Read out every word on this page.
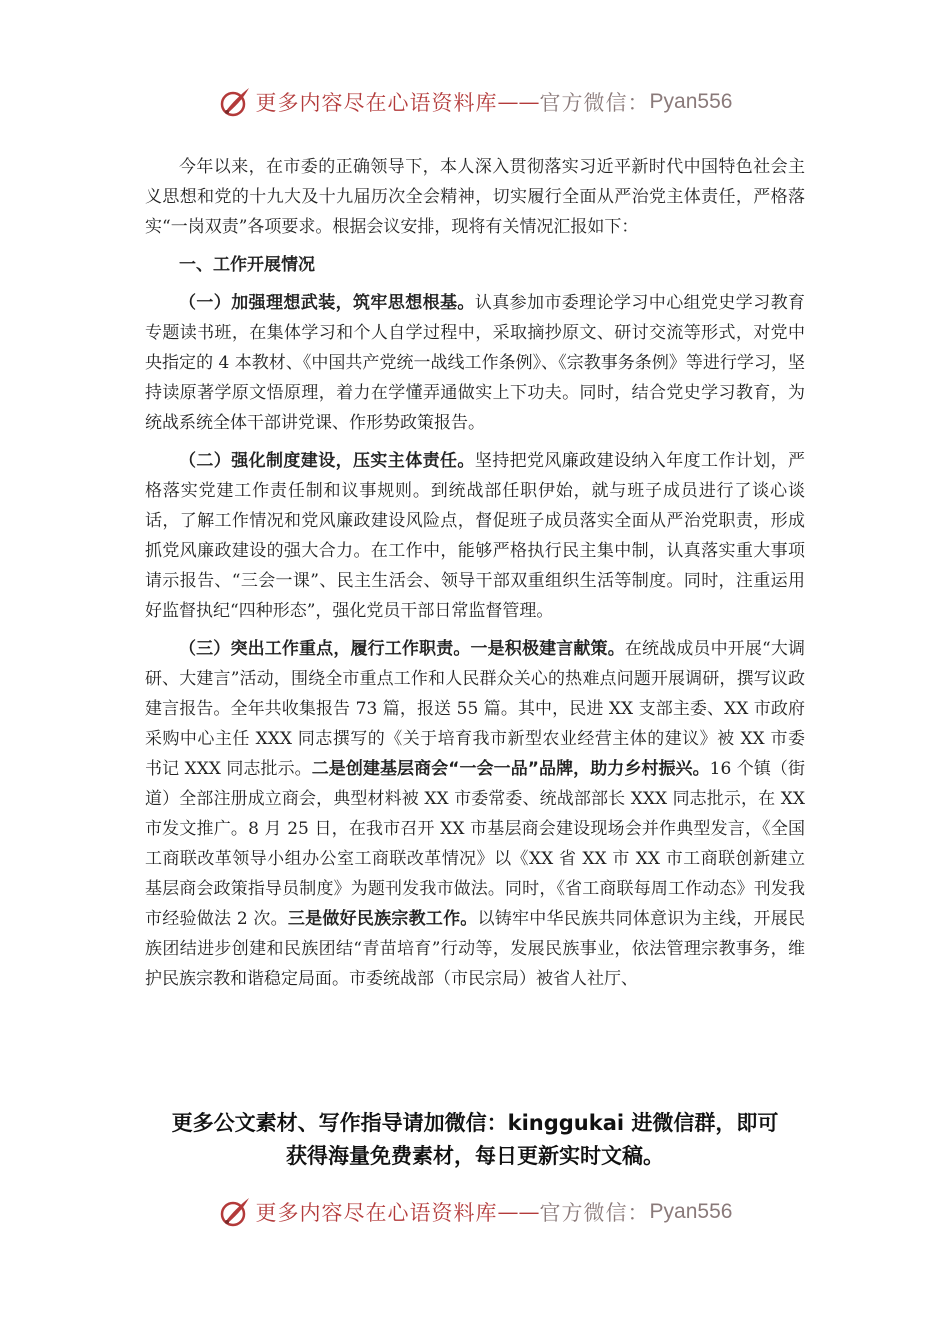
更多内容尽在心语资料库 —— 官方微信： Pyan556

今年以来，在市委的正确领导下，本人深入贯彻落实习近平新时代中国特色社会主义思想和党的十九大及十九届历次全会精神，切实履行全面从严治党主体责任，严格落实“一岗双责”各项要求。根据会议安排，现将有关情况汇报如下：

一、工作开展情况

（一）加强理想武装，筑牢思想根基。认真参加市委理论学习中心组党史学习教育专题读书班，在集体学习和个人自学过程中，采取摘抄原文、研讨交流等形式，对党中央指定的 4 本教材、《中国共产党统一战线工作条例》、《宗教事务条例》等进行学习，坚持读原著学原文悟原理，着力在学懂弄通做实上下功夫。同时，结合党史学习教育，为统战系统全体干部讲党课、作形势政策报告。

（二）强化制度建设，压实主体责任。坚持把党风廉政建设纳入年度工作计划，严格落实党建工作责任制和议事规则。到统战部任职伊始，就与班子成员进行了谈心谈话，了解工作情况和党风廉政建设风险点，督促班子成员落实全面从严治党职责，形成抓党风廉政建设的强大合力。在工作中，能够严格执行民主集中制，认真落实重大事项请示报告、“三会一课”、民主生活会、领导干部双重组织生活等制度。同时，注重运用好监督执纪“四种形态”，强化党员干部日常监督管理。

（三）突出工作重点，履行工作职责。一是积极建言献策。在统战成员中开展“大调研、大建言”活动，围绕全市重点工作和人民群众关心的热难点问题开展调研，撰写议政建言报告。全年共收集报告 73 篇，报送 55 篇。其中，民进 XX 支部主委、XX 市政府采购中心主任 XXX 同志撰写的《关于培育我市新型农业经营主体的建议》被 XX 市委书记 XXX 同志批示。二是创建基层商会“一会一品”品牌，助力乡村振兴。16 个镇（街道）全部注册成立商会，典型材料被 XX 市委常委、统战部部长 XXX 同志批示，在 XX 市发文推广。8 月 25 日，在我市召开 XX 市基层商会建设现场会并作典型发言，《全国工商联改革领导小组办公室工商联改革情况》以《XX 省 XX 市 XX 市工商联创新建立基层商会政策指导员制度》为题刊发我市做法。同时，《省工商联每周工作动态》刊发我市经验做法 2 次。三是做好民族宗教工作。以铸牢中华民族共同体意识为主线，开展民族团结进步创建和民族团结“青苗培育”行动等，发展民族事业，依法管理宗教事务，维护民族宗教和谐稳定局面。市委统战部（市民宗局）被省人社厅、

更多公文素材、写作指导请加微信：kinggukai 进微信群，即可
获得海量免费素材，每日更新实时文稿。
更多内容尽在心语资料库 —— 官方微信： Pyan556
